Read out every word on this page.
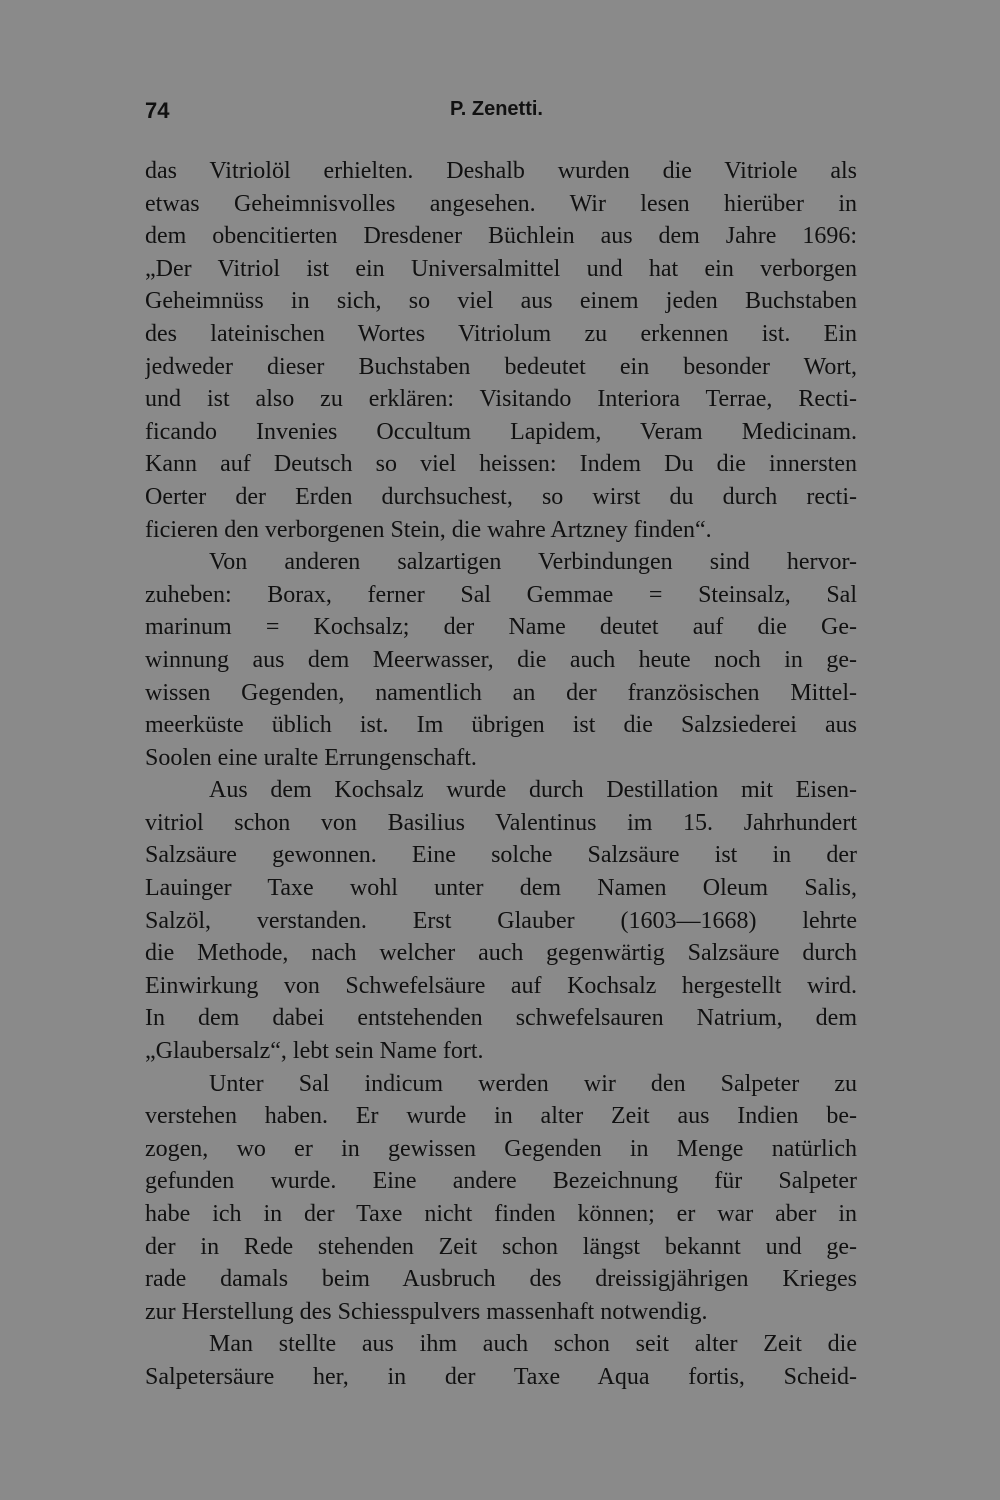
74	P. Zenetti.
das Vitriolöl erhielten. Deshalb wurden die Vitriole als
etwas Geheimnisvolles angesehen. Wir lesen hierüber in
dem obencitierten Dresdener Büchlein aus dem Jahre 1696:
„Der Vitriol ist ein Universalmittel und hat ein verborgen
Geheimnüss in sich, so viel aus einem jeden Buchstaben
des lateinischen Wortes Vitriolum zu erkennen ist. Ein
jedweder dieser Buchstaben bedeutet ein besonder Wort,
und ist also zu erklären: Visitando Interiora Terrae, Recti-
ficando Invenies Occultum Lapidem, Veram Medicinam.
Kann auf Deutsch so viel heissen: Indem Du die innersten
Oerter der Erden durchsuchest, so wirst du durch recti-
ficieren den verborgenen Stein, die wahre Artzney finden“.
Von anderen salzartigen Verbindungen sind hervor-
zuheben: Borax, ferner Sal Gemmae = Steinsalz, Sal
marinum = Kochsalz; der Name deutet auf die Ge-
winnung aus dem Meerwasser, die auch heute noch in ge-
wissen Gegenden, namentlich an der französischen Mittel-
meerküste üblich ist. Im übrigen ist die Salzsiederei aus
Soolen eine uralte Errungenschaft.
Aus dem Kochsalz wurde durch Destillation mit Eisen-
vitriol schon von Basilius Valentinus im 15. Jahrhundert
Salzsäure gewonnen. Eine solche Salzsäure ist in der
Lauinger Taxe wohl unter dem Namen Oleum Salis,
Salzöl, verstanden. Erst Glauber (1603—1668) lehrte
die Methode, nach welcher auch gegenwärtig Salzsäure durch
Einwirkung von Schwefelsäure auf Kochsalz hergestellt wird.
In dem dabei entstehenden schwefelsauren Natrium, dem
„Glaubersalz“, lebt sein Name fort.
Unter Sal indicum werden wir den Salpeter zu
verstehen haben. Er wurde in alter Zeit aus Indien be-
zogen, wo er in gewissen Gegenden in Menge natürlich
gefunden wurde. Eine andere Bezeichnung für Salpeter
habe ich in der Taxe nicht finden können; er war aber in
der in Rede stehenden Zeit schon längst bekannt und ge-
rade damals beim Ausbruch des dreissigjährigen Krieges
zur Herstellung des Schiesspulvers massenhaft notwendig.
Man stellte aus ihm auch schon seit alter Zeit die
Salpetersäure her, in der Taxe Aqua fortis, Scheid-
